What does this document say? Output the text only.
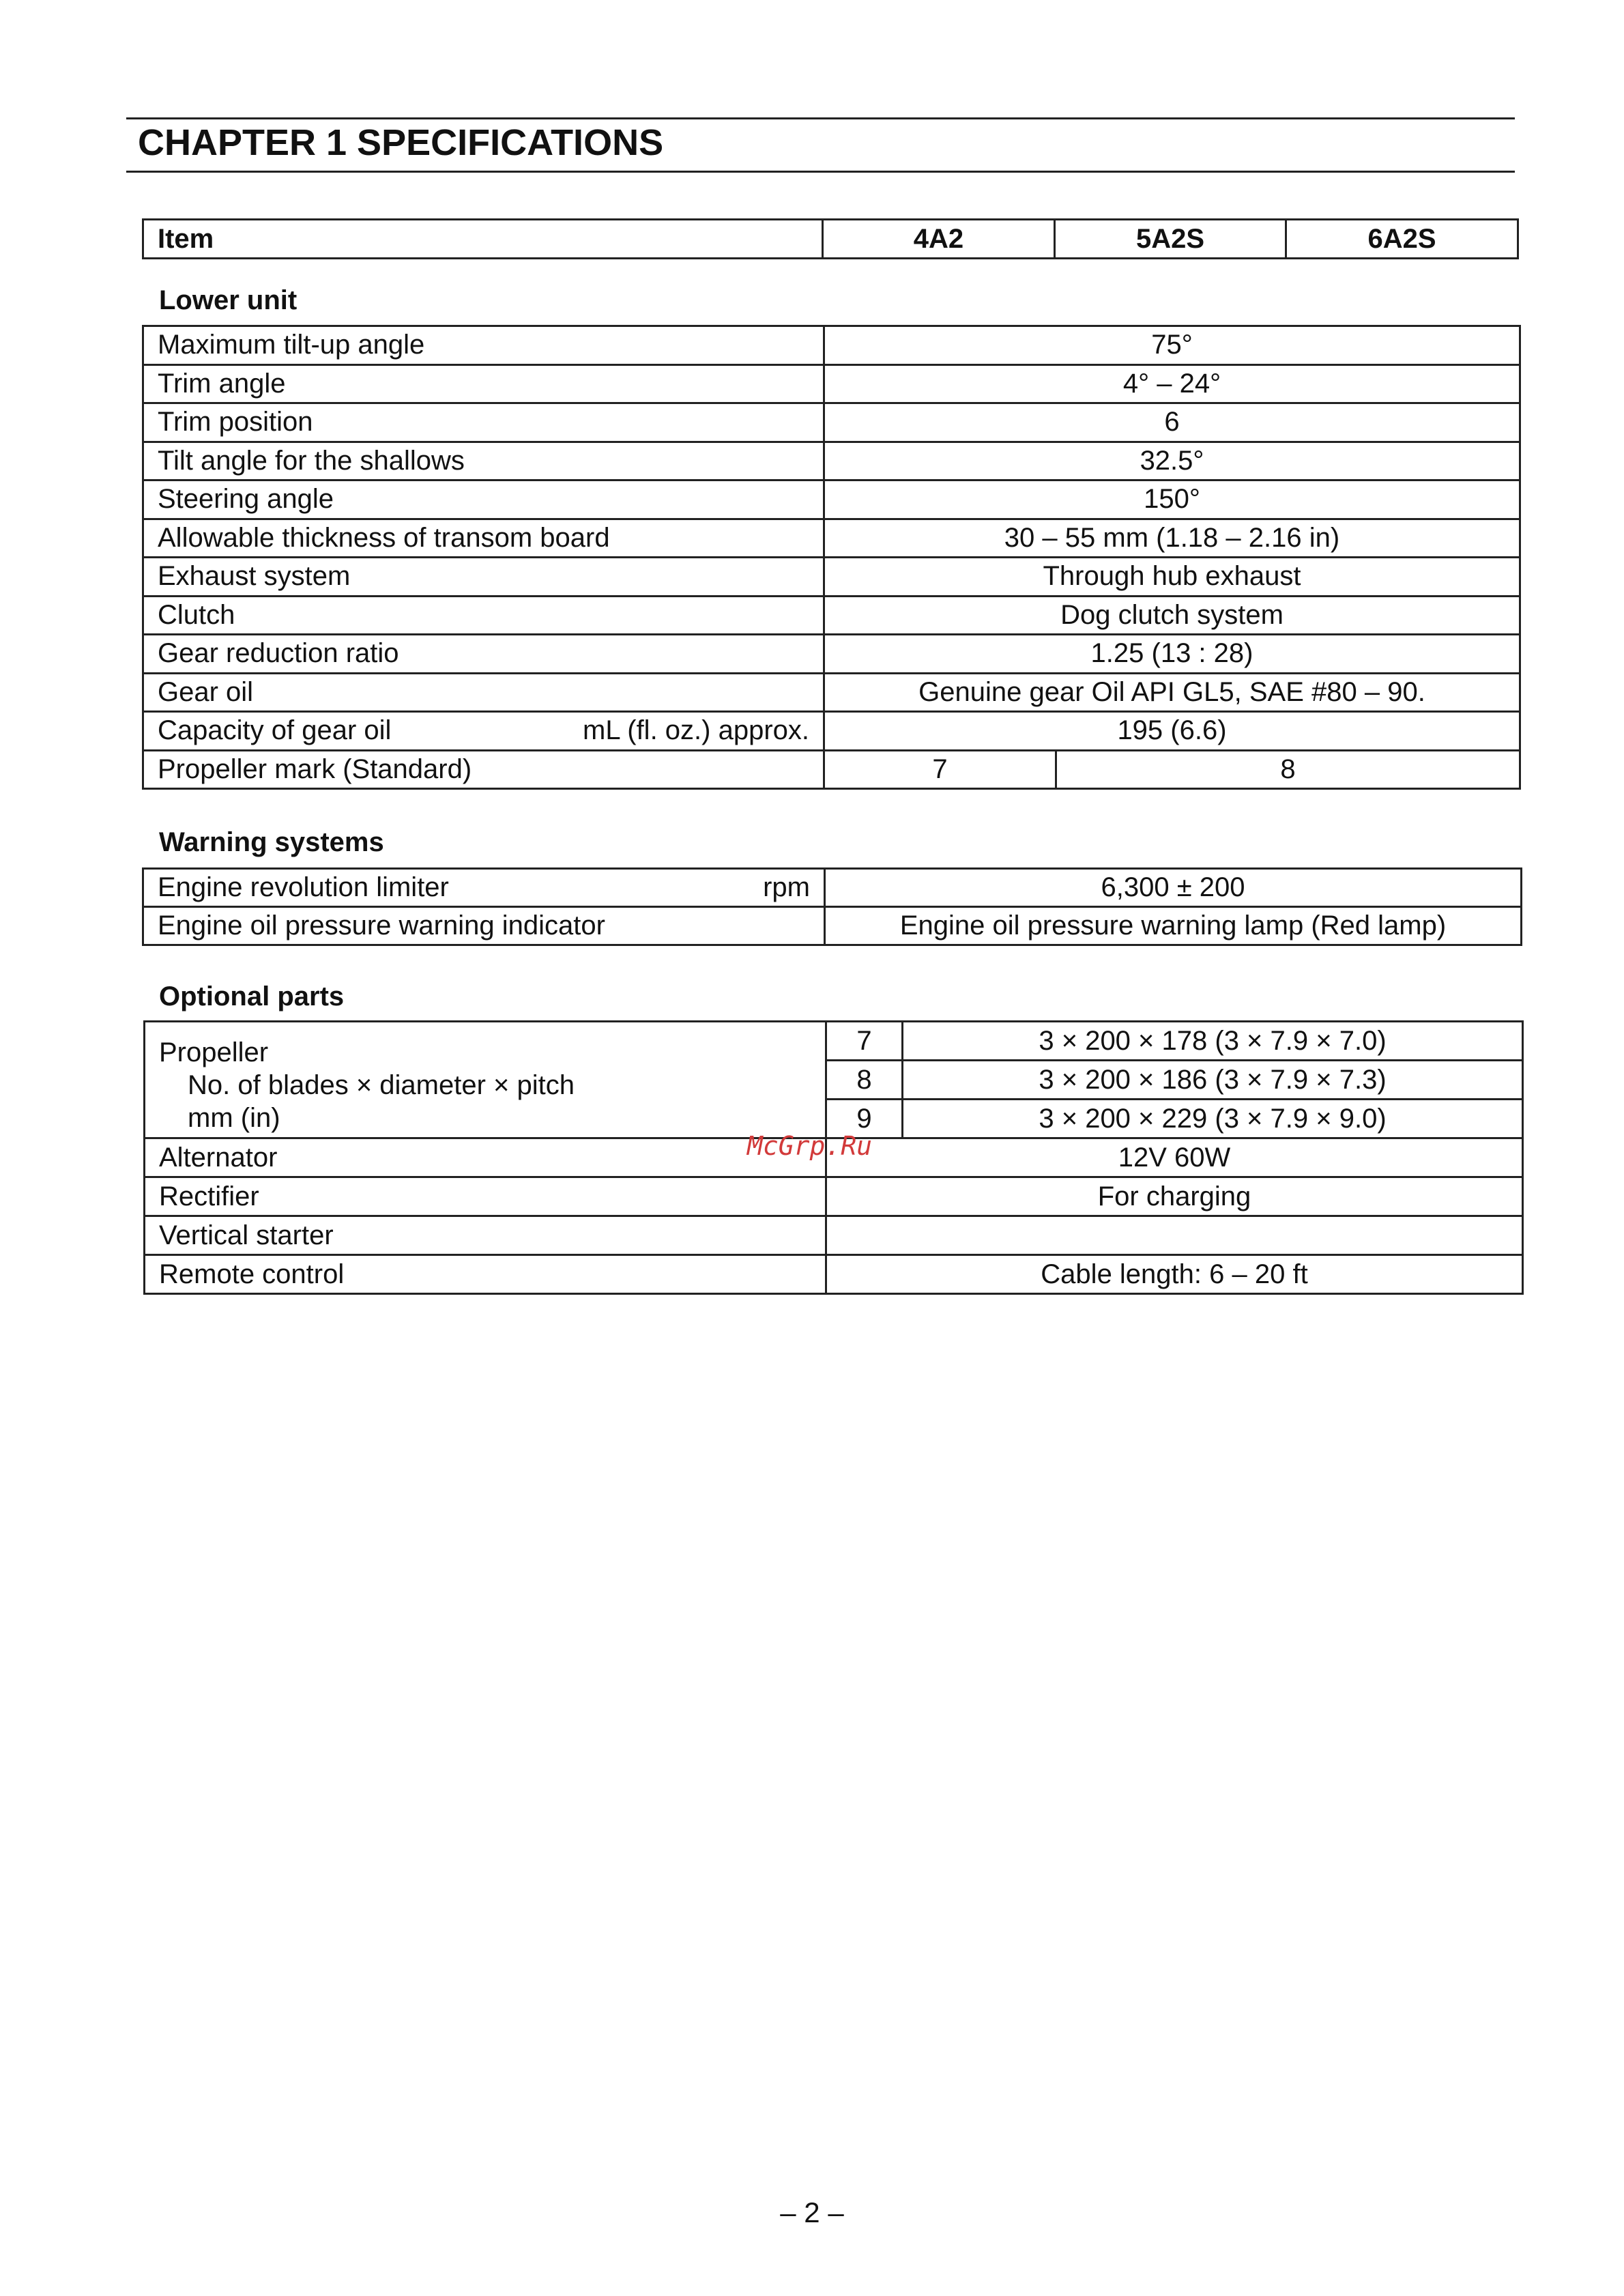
CHAPTER 1 SPECIFICATIONS
Item	4A2	5A2S	6A2S
Lower unit
Maximum tilt-up angle	75°	
Trim angle	4° – 24°	
Trim position	6	
Tilt angle for the shallows	32.5°	
Steering angle	150°	
Allowable thickness of transom board	30 – 55 mm (1.18 – 2.16 in)	
Exhaust system	Through hub exhaust	
Clutch	Dog clutch system	
Gear reduction ratio	1.25 (13 : 28)	
Gear oil	Genuine gear Oil API GL5, SAE #80 – 90.	

Capacity of gear oil mL (fl. oz.) approx.	195 (6.6)	
Propeller mark (Standard)	7	8
Warning systems
Engine revolution limiter rpm	6,300 ± 200
Engine oil pressure warning indicator	Engine oil pressure warning lamp (Red lamp)
Optional parts
Propeller
No. of blades × diameter × pitch
mm (in)	7	3 × 200 × 178 (3 × 7.9 × 7.0)
	8	3 × 200 × 186 (3 × 7.9 × 7.3)
	9	3 × 200 × 229 (3 × 7.9 × 9.0)
Alternator	12V 60W	
Rectifier	For charging	
Vertical starter		
Remote control	Cable length: 6 – 20 ft	
McGrp.Ru
– 2 –
